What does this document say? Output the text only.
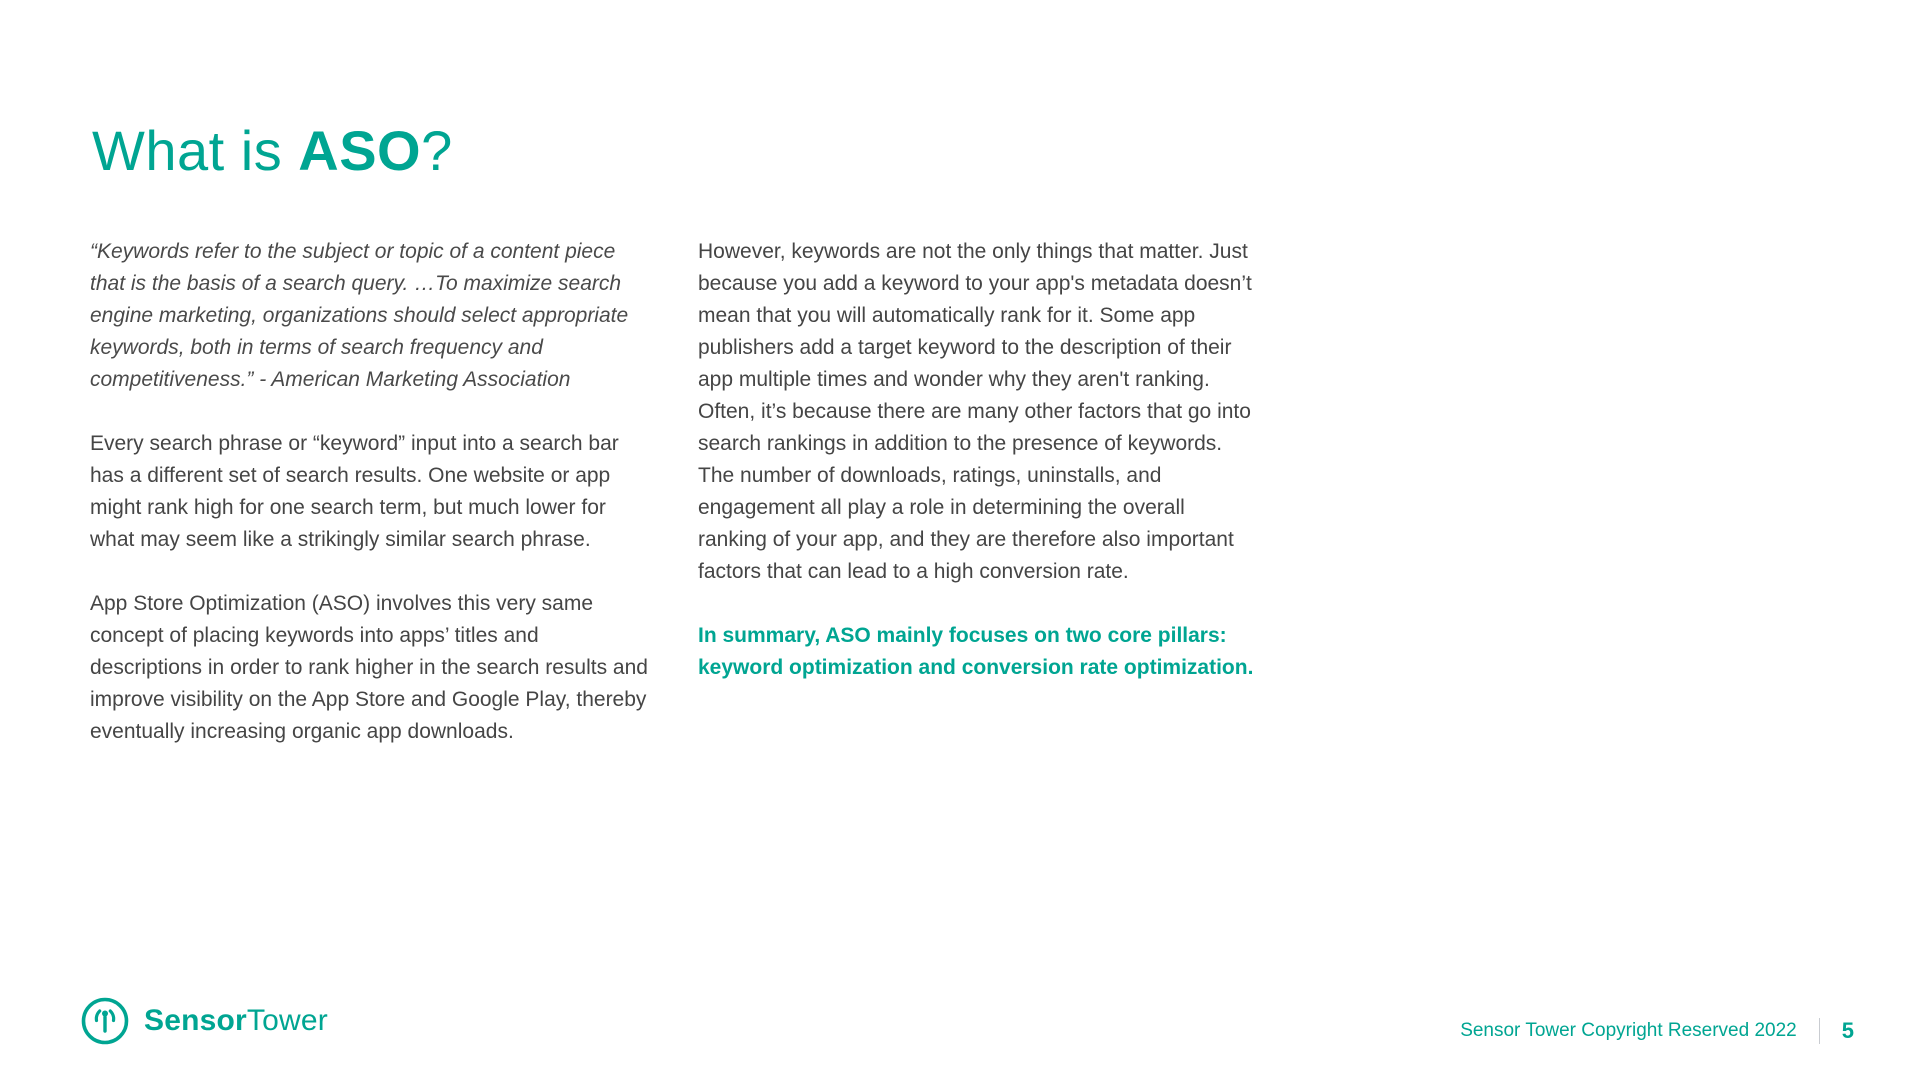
What is ASO?

“Keywords refer to the subject or topic of a content piece that is the basis of a search query. …To maximize search engine marketing, organizations should select appropriate keywords, both in terms of search frequency and competitiveness.” - American Marketing Association

Every search phrase or “keyword” input into a search bar has a different set of search results. One website or app might rank high for one search term, but much lower for what may seem like a strikingly similar search phrase.

App Store Optimization (ASO) involves this very same concept of placing keywords into apps’ titles and descriptions in order to rank higher in the search results and improve visibility on the App Store and Google Play, thereby eventually increasing organic app downloads.

However, keywords are not the only things that matter. Just because you add a keyword to your app's metadata doesn’t mean that you will automatically rank for it. Some app publishers add a target keyword to the description of their app multiple times and wonder why they aren't ranking. Often, it’s because there are many other factors that go into search rankings in addition to the presence of keywords. The number of downloads, ratings, uninstalls, and engagement all play a role in determining the overall ranking of your app, and they are therefore also important factors that can lead to a high conversion rate.

In summary, ASO mainly focuses on two core pillars: keyword optimization and conversion rate optimization.

SensorTower	Sensor Tower Copyright Reserved 2022 5
